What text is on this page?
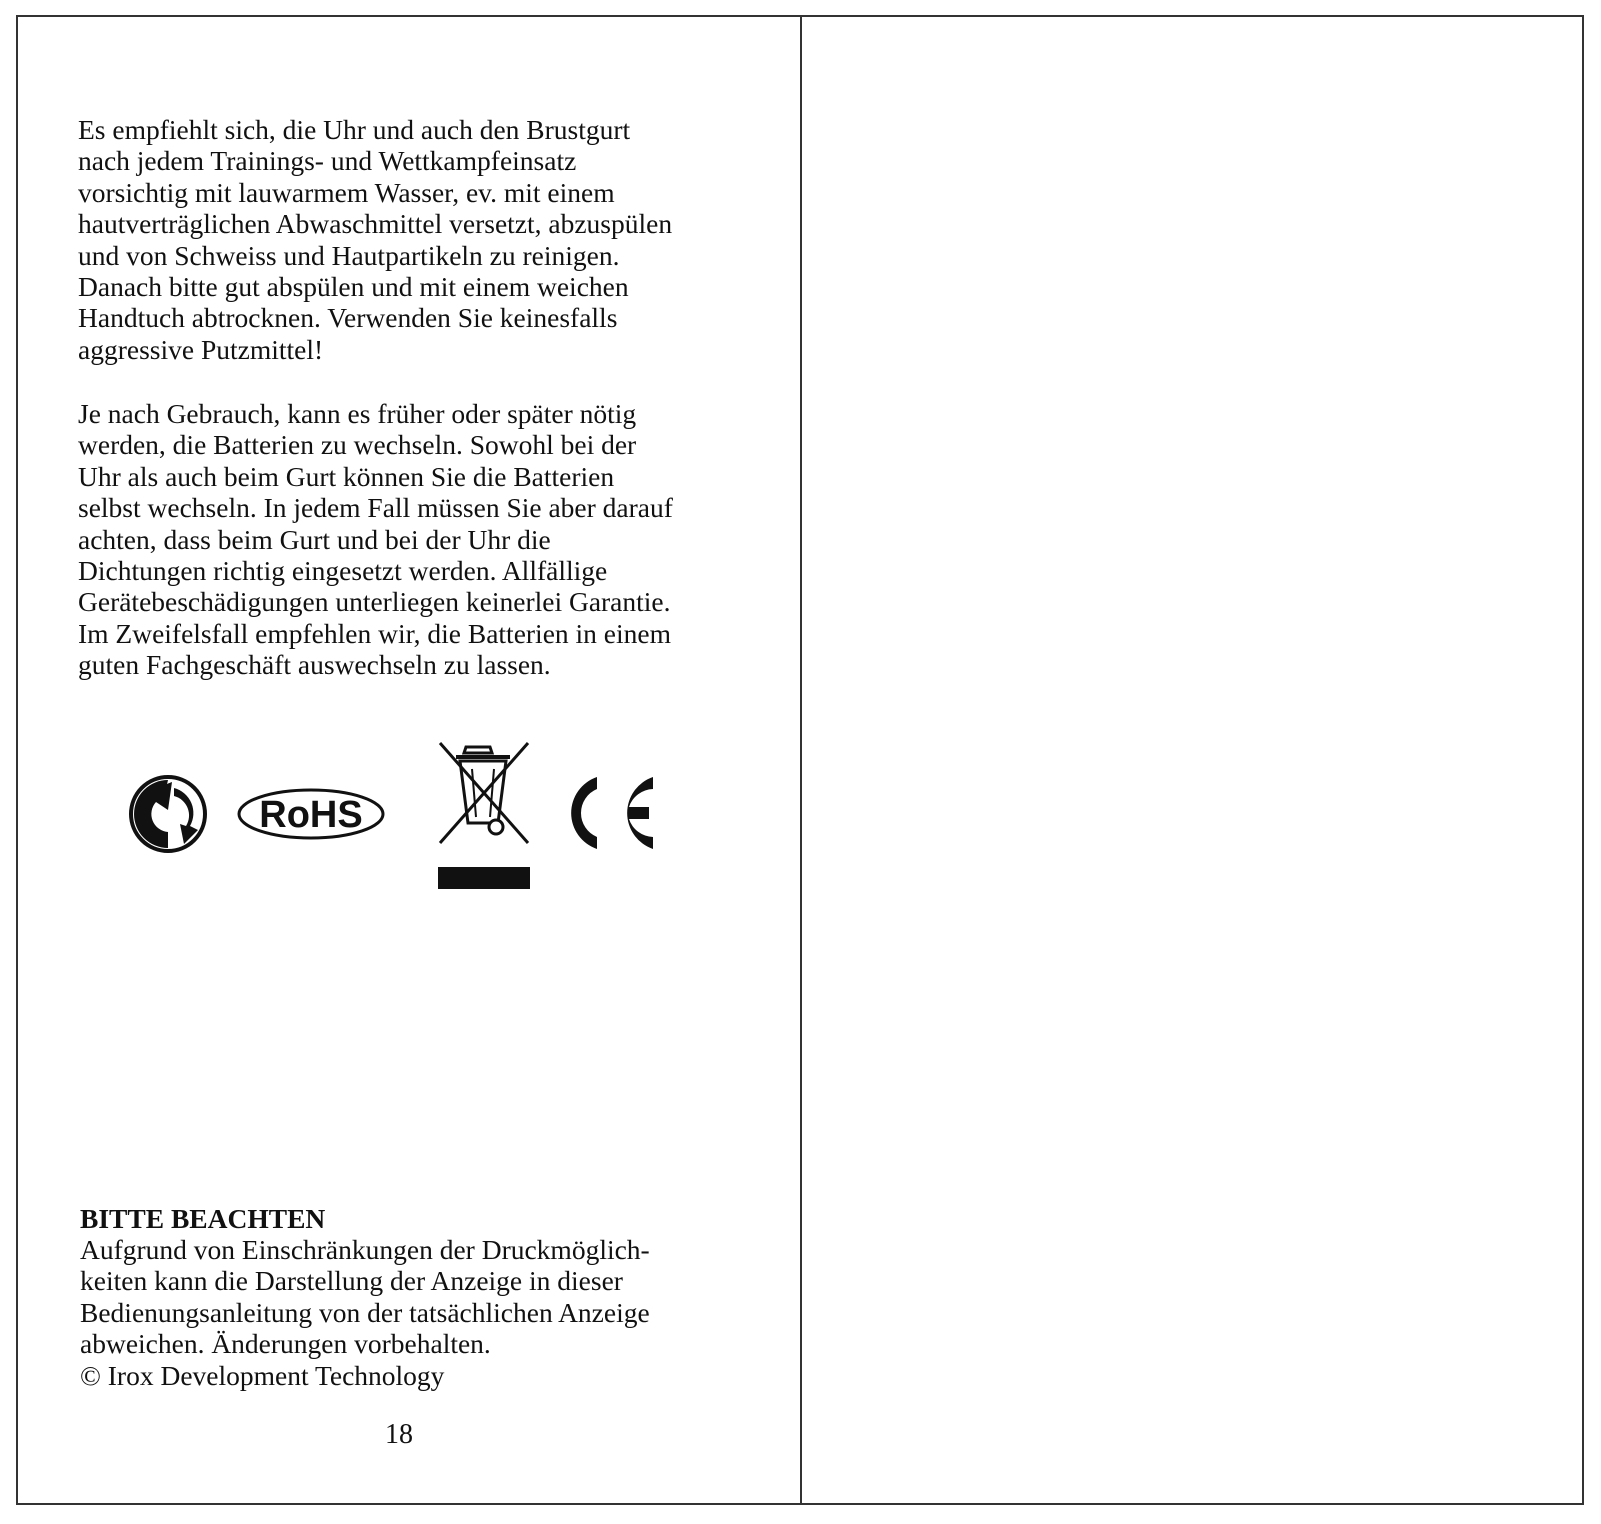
Es empfiehlt sich, die Uhr und auch den Brustgurt
nach jedem Trainings- und Wettkampfeinsatz
vorsichtig mit lauwarmem Wasser, ev. mit einem
hautverträglichen Abwaschmittel versetzt, abzuspülen
und von Schweiss und Hautpartikeln zu reinigen.
Danach bitte gut abspülen und mit einem weichen
Handtuch abtrocknen. Verwenden Sie keinesfalls
aggressive Putzmittel!

Je nach Gebrauch, kann es früher oder später nötig
werden, die Batterien zu wechseln. Sowohl bei der
Uhr als auch beim Gurt können Sie die Batterien
selbst wechseln. In jedem Fall müssen Sie aber darauf
achten, dass beim Gurt und bei der Uhr die
Dichtungen richtig eingesetzt werden. Allfällige
Gerätebeschädigungen unterliegen keinerlei Garantie.
Im Zweifelsfall empfehlen wir, die Batterien in einem
guten Fachgeschäft auswechseln zu lassen.

RoHS

BITTE BEACHTEN

Aufgrund von Einschränkungen der Druckmöglich-
keiten kann die Darstellung der Anzeige in dieser
Bedienungsanleitung von der tatsächlichen Anzeige
abweichen. Änderungen vorbehalten.

© Irox Development Technology

18
